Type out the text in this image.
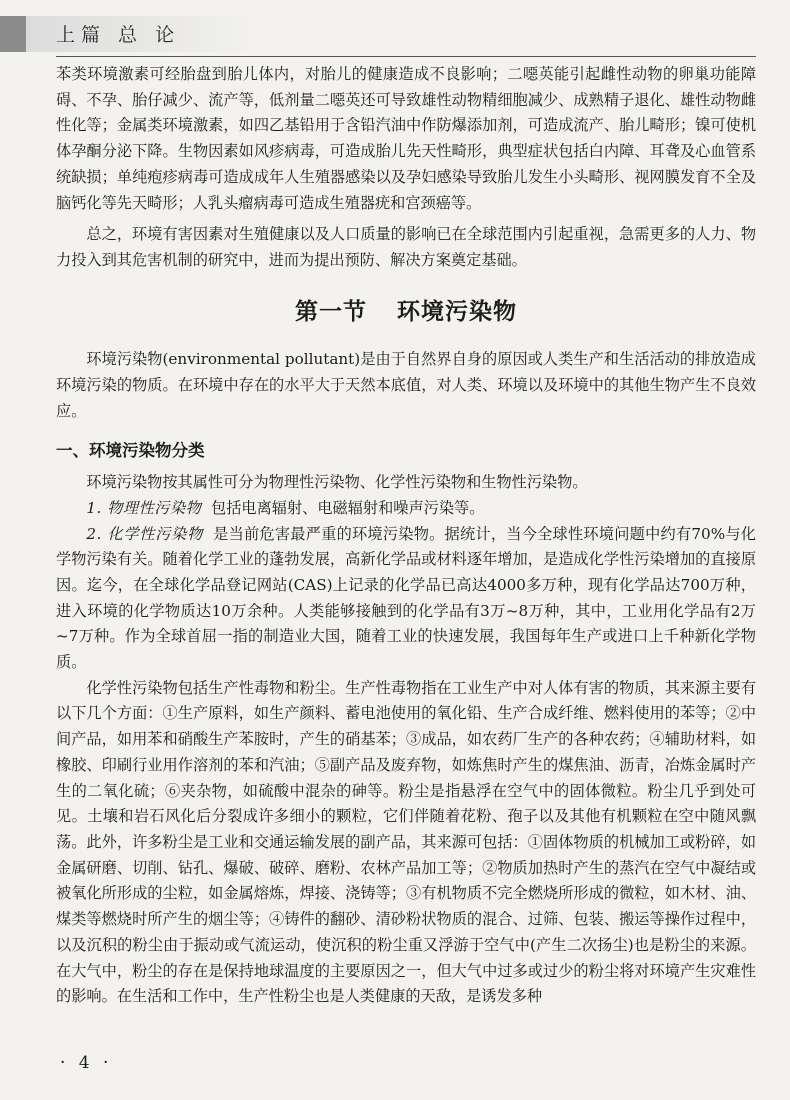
上篇 总 论

苯类环境激素可经胎盘到胎儿体内，对胎儿的健康造成不良影响；二噁英能引起雌性动物的卵巢功能障碍、不孕、胎仔减少、流产等，低剂量二噁英还可导致雄性动物精细胞减少、成熟精子退化、雄性动物雌性化等；金属类环境激素，如四乙基铅用于含铅汽油中作防爆添加剂，可造成流产、胎儿畸形；镍可使机体孕酮分泌下降。生物因素如风疹病毒，可造成胎儿先天性畸形，典型症状包括白内障、耳聋及心血管系统缺损；单纯疱疹病毒可造成成年人生殖器感染以及孕妇感染导致胎儿发生小头畸形、视网膜发育不全及脑钙化等先天畸形；人乳头瘤病毒可造成生殖器疣和宫颈癌等。

总之，环境有害因素对生殖健康以及人口质量的影响已在全球范围内引起重视，急需更多的人力、物力投入到其危害机制的研究中，进而为提出预防、解决方案奠定基础。

第一节 环境污染物

环境污染物(environmental pollutant)是由于自然界自身的原因或人类生产和生活活动的排放造成环境污染的物质。在环境中存在的水平大于天然本底值，对人类、环境以及环境中的其他生物产生不良效应。

一、环境污染物分类

环境污染物按其属性可分为物理性污染物、化学性污染物和生物性污染物。

1. 物理性污染物 包括电离辐射、电磁辐射和噪声污染等。

2. 化学性污染物 是当前危害最严重的环境污染物。据统计，当今全球性环境问题中约有70%与化学物污染有关。随着化学工业的蓬勃发展，高新化学品或材料逐年增加，是造成化学性污染增加的直接原因。迄今，在全球化学品登记网站(CAS)上记录的化学品已高达4000多万种，现有化学品达700万种，进入环境的化学物质达10万余种。人类能够接触到的化学品有3万~8万种，其中，工业用化学品有2万~7万种。作为全球首屈一指的制造业大国，随着工业的快速发展，我国每年生产或进口上千种新化学物质。

化学性污染物包括生产性毒物和粉尘。生产性毒物指在工业生产中对人体有害的物质，其来源主要有以下几个方面：①生产原料，如生产颜料、蓄电池使用的氧化铅、生产合成纤维、燃料使用的苯等；②中间产品，如用苯和硝酸生产苯胺时，产生的硝基苯；③成品，如农药厂生产的各种农药；④辅助材料，如橡胶、印刷行业用作溶剂的苯和汽油；⑤副产品及废弃物，如炼焦时产生的煤焦油、沥青，冶炼金属时产生的二氧化硫；⑥夹杂物，如硫酸中混杂的砷等。粉尘是指悬浮在空气中的固体微粒。粉尘几乎到处可见。土壤和岩石风化后分裂成许多细小的颗粒，它们伴随着花粉、孢子以及其他有机颗粒在空中随风飘荡。此外，许多粉尘是工业和交通运输发展的副产品，其来源可包括：①固体物质的机械加工或粉碎，如金属研磨、切削、钻孔、爆破、破碎、磨粉、农林产品加工等；②物质加热时产生的蒸汽在空气中凝结或被氧化所形成的尘粒，如金属熔炼，焊接、浇铸等；③有机物质不完全燃烧所形成的微粒，如木材、油、煤类等燃烧时所产生的烟尘等；④铸件的翻砂、清砂粉状物质的混合、过筛、包装、搬运等操作过程中，以及沉积的粉尘由于振动或气流运动，使沉积的粉尘重又浮游于空气中(产生二次扬尘)也是粉尘的来源。在大气中，粉尘的存在是保持地球温度的主要原因之一，但大气中过多或过少的粉尘将对环境产生灾难性的影响。在生活和工作中，生产性粉尘也是人类健康的天敌，是诱发多种

· 4 ·
